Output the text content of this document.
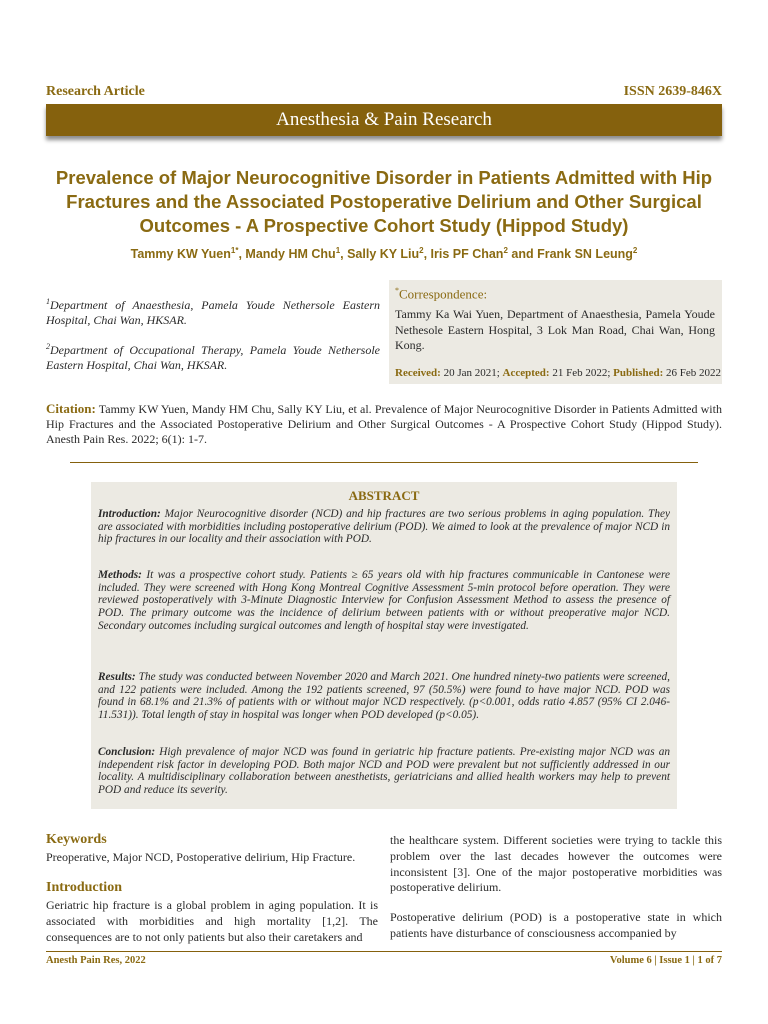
Research Article	ISSN 2639-846X
Anesthesia & Pain Research
Prevalence of Major Neurocognitive Disorder in Patients Admitted with Hip Fractures and the Associated Postoperative Delirium and Other Surgical Outcomes - A Prospective Cohort Study (Hippod Study)
Tammy KW Yuen$^{1*}$, Mandy HM Chu$^1$, Sally KY Liu$^2$, Iris PF Chan$^2$ and Frank SN Leung$^2$
$^1$Department of Anaesthesia, Pamela Youde Nethersole Eastern Hospital, Chai Wan, HKSAR.
$^2$Department of Occupational Therapy, Pamela Youde Nethersole Eastern Hospital, Chai Wan, HKSAR.
*Correspondence:
Tammy Ka Wai Yuen, Department of Anaesthesia, Pamela Youde Nethesole Eastern Hospital, 3 Lok Man Road, Chai Wan, Hong Kong.
Received: 20 Jan 2021; Accepted: 21 Feb 2022; Published: 26 Feb 2022
Citation: Tammy KW Yuen, Mandy HM Chu, Sally KY Liu, et al. Prevalence of Major Neurocognitive Disorder in Patients Admitted with Hip Fractures and the Associated Postoperative Delirium and Other Surgical Outcomes - A Prospective Cohort Study (Hippod Study). Anesth Pain Res. 2022; 6(1): 1-7.
ABSTRACT
Introduction: Major Neurocognitive disorder (NCD) and hip fractures are two serious problems in aging population. They are associated with morbidities including postoperative delirium (POD). We aimed to look at the prevalence of major NCD in hip fractures in our locality and their association with POD.
Methods: It was a prospective cohort study. Patients ≥ 65 years old with hip fractures communicable in Cantonese were included. They were screened with Hong Kong Montreal Cognitive Assessment 5-min protocol before operation. They were reviewed postoperatively with 3-Minute Diagnostic Interview for Confusion Assessment Method to assess the presence of POD. The primary outcome was the incidence of delirium between patients with or without preoperative major NCD. Secondary outcomes including surgical outcomes and length of hospital stay were investigated.
Results: The study was conducted between November 2020 and March 2021. One hundred ninety-two patients were screened, and 122 patients were included. Among the 192 patients screened, 97 (50.5%) were found to have major NCD. POD was found in 68.1% and 21.3% of patients with or without major NCD respectively. (p<0.001, odds ratio 4.857 (95% CI 2.046-11.531)). Total length of stay in hospital was longer when POD developed (p<0.05).
Conclusion: High prevalence of major NCD was found in geriatric hip fracture patients. Pre-existing major NCD was an independent risk factor in developing POD. Both major NCD and POD were prevalent but not sufficiently addressed in our locality. A multidisciplinary collaboration between anesthetists, geriatricians and allied health workers may help to prevent POD and reduce its severity.
Keywords
Preoperative, Major NCD, Postoperative delirium, Hip Fracture.
Introduction
Geriatric hip fracture is a global problem in aging population. It is associated with morbidities and high mortality [1,2]. The consequences are to not only patients but also their caretakers and
the healthcare system. Different societies were trying to tackle this problem over the last decades however the outcomes were inconsistent [3]. One of the major postoperative morbidities was postoperative delirium.
Postoperative delirium (POD) is a postoperative state in which patients have disturbance of consciousness accompanied by
Anesth Pain Res, 2022	Volume 6 | Issue 1 | 1 of 7
